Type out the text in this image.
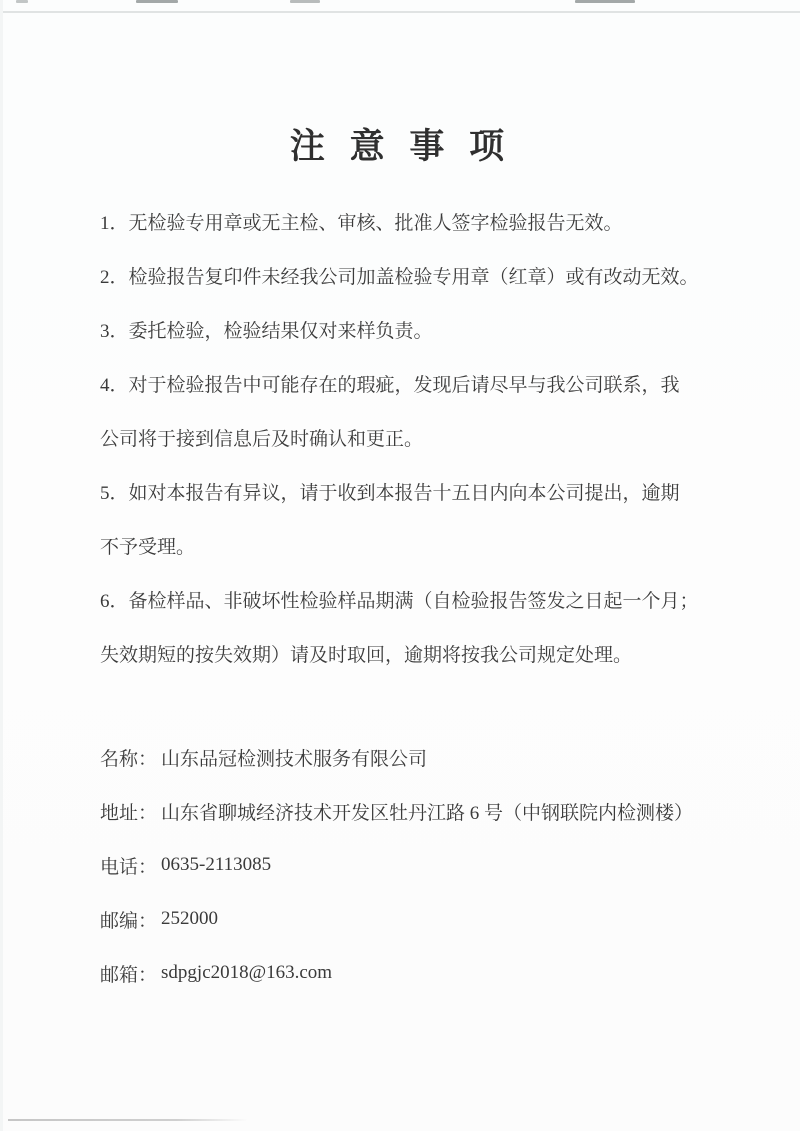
注 意 事 项
1．无检验专用章或无主检、审核、批准人签字检验报告无效。
2．检验报告复印件未经我公司加盖检验专用章（红章）或有改动无效。
3．委托检验，检验结果仅对来样负责。
4．对于检验报告中可能存在的瑕疵，发现后请尽早与我公司联系，我
公司将于接到信息后及时确认和更正。
5．如对本报告有异议，请于收到本报告十五日内向本公司提出，逾期
不予受理。
6．备检样品、非破坏性检验样品期满（自检验报告签发之日起一个月；
失效期短的按失效期）请及时取回，逾期将按我公司规定处理。
名称： 山东品冠检测技术服务有限公司
地址： 山东省聊城经济技术开发区牡丹江路 6 号（中钢联院内检测楼）
电话： 0635-2113085
邮编： 252000
邮箱： sdpgjc2018@163.com
